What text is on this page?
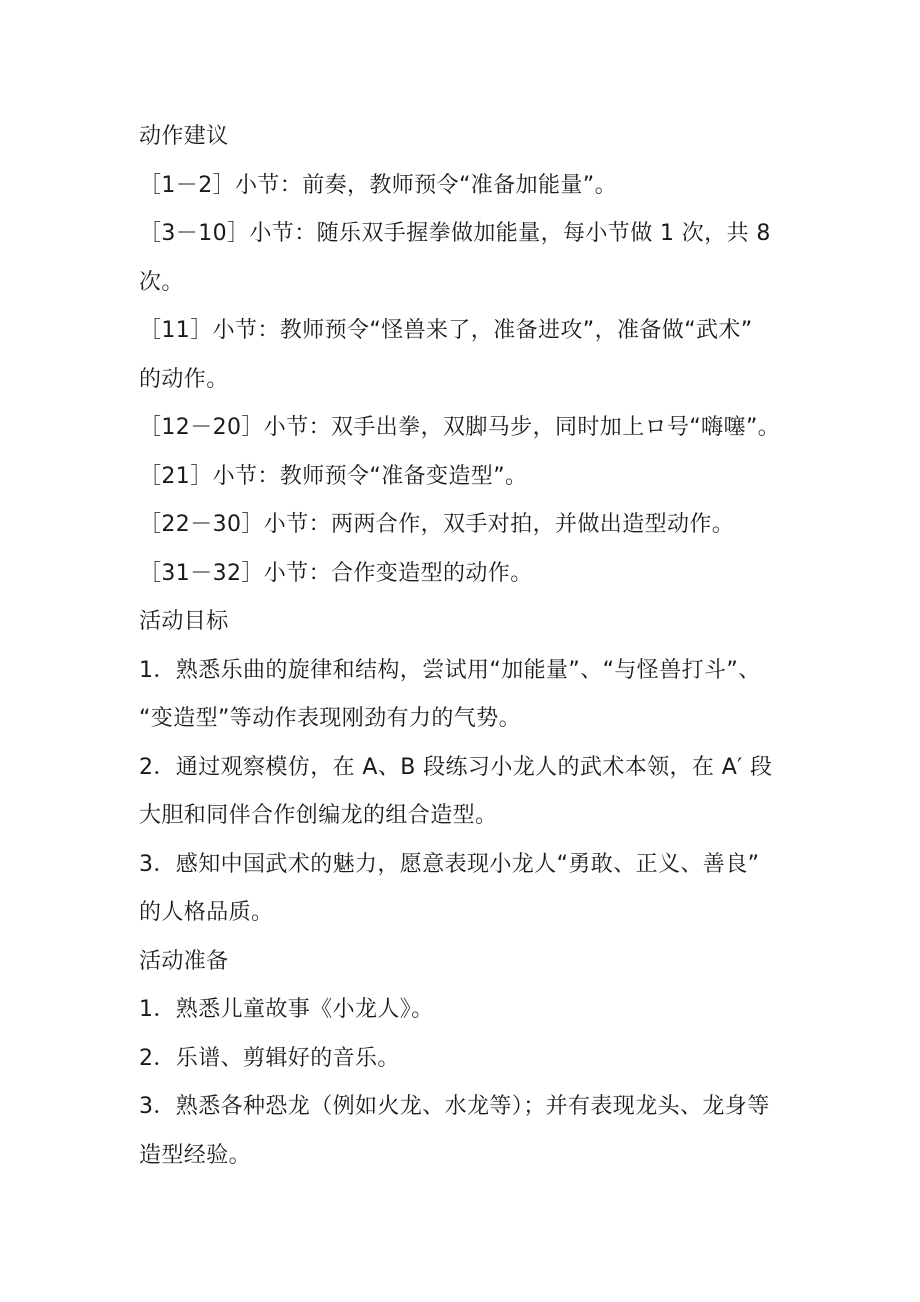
动作建议
［1－2］小节：前奏，教师预令“准备加能量”。
［3－10］小节：随乐双手握拳做加能量，每小节做 1 次，共 8
次。
［11］小节：教师预令“怪兽来了，准备进攻”，准备做“武术”
的动作。
［12－20］小节：双手出拳，双脚马步，同时加上ロ号“嗨噻”。
［21］小节：教师预令“准备变造型”。
［22－30］小节：两两合作，双手对拍，并做出造型动作。
［31－32］小节：合作变造型的动作。
活动目标
1．熟悉乐曲的旋律和结构，尝试用“加能量”、“与怪兽打斗”、
“变造型”等动作表现刚劲有力的气势。
2．通过观察模仿，在 A、B 段练习小龙人的武术本领，在 A′ 段
大胆和同伴合作创编龙的组合造型。
3．感知中国武术的魅力，愿意表现小龙人“勇敢、正义、善良”
的人格品质。
活动准备
1．熟悉儿童故事《小龙人》。
2．乐谱、剪辑好的音乐。
3．熟悉各种恐龙（例如火龙、水龙等）；并有表现龙头、龙身等
造型经验。
